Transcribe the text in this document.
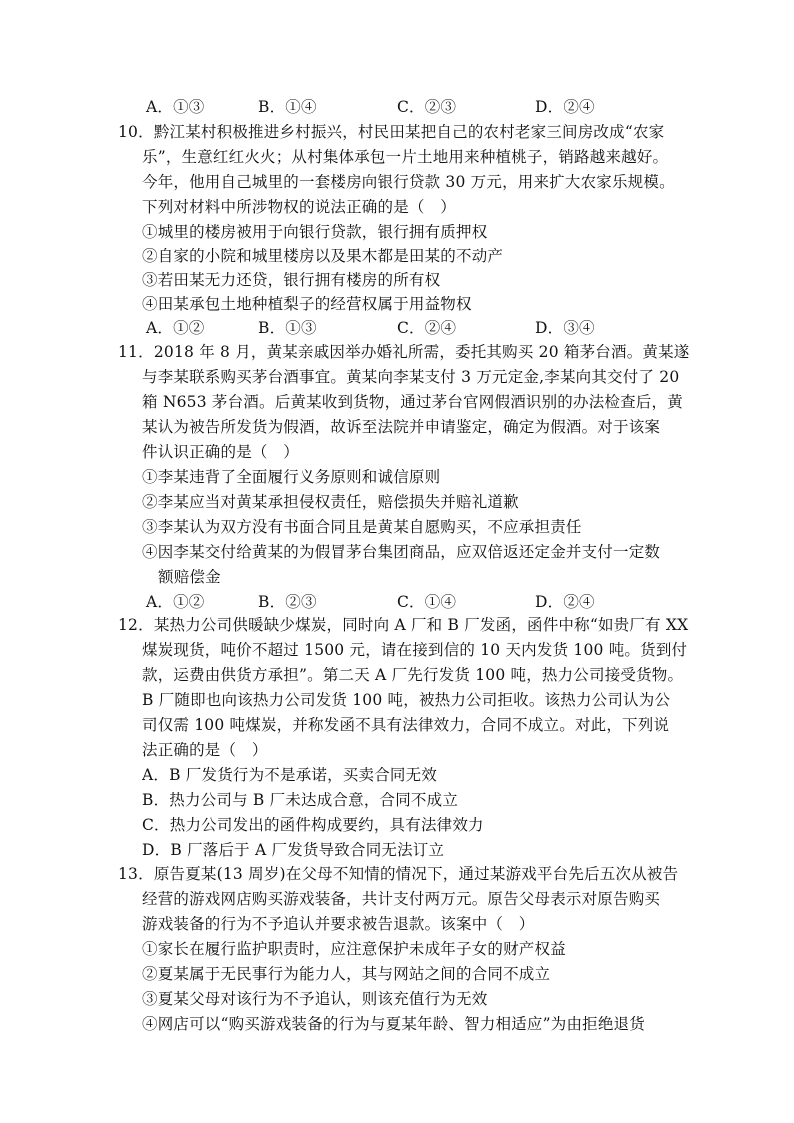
A．①③	B．①④	C．②③	D．②④
10．黔江某村积极推进乡村振兴，村民田某把自己的农村老家三间房改成“农家
乐”，生意红红火火；从村集体承包一片土地用来种植桃子，销路越来越好。
今年，他用自己城里的一套楼房向银行贷款 30 万元，用来扩大农家乐规模。
下列对材料中所涉物权的说法正确的是（　）
①城里的楼房被用于向银行贷款，银行拥有质押权
②自家的小院和城里楼房以及果木都是田某的不动产
③若田某无力还贷，银行拥有楼房的所有权
④田某承包土地种植梨子的经营权属于用益物权
A．①②	B．①③	C．②④	D．③④
11．2018 年 8 月，黄某亲戚因举办婚礼所需，委托其购买 20 箱茅台酒。黄某遂
与李某联系购买茅台酒事宜。黄某向李某支付 3 万元定金,李某向其交付了 20
箱 N653 茅台酒。后黄某收到货物，通过茅台官网假酒识别的办法检查后，黄
某认为被告所发货为假酒，故诉至法院并申请鉴定，确定为假酒。对于该案
件认识正确的是（　）
①李某违背了全面履行义务原则和诚信原则
②李某应当对黄某承担侵权责任，赔偿损失并赔礼道歉
③李某认为双方没有书面合同且是黄某自愿购买，不应承担责任
④因李某交付给黄某的为假冒茅台集团商品，应双倍返还定金并支付一定数
额赔偿金
A．①②	B．②③	C．①④	D．②④
12．某热力公司供暖缺少煤炭，同时向 A 厂和 B 厂发函，函件中称“如贵厂有 XX
煤炭现货，吨价不超过 1500 元，请在接到信的 10 天内发货 100 吨。货到付
款，运费由供货方承担”。第二天 A 厂先行发货 100 吨，热力公司接受货物。
B 厂随即也向该热力公司发货 100 吨，被热力公司拒收。该热力公司认为公
司仅需 100 吨煤炭，并称发函不具有法律效力，合同不成立。对此，下列说
法正确的是（　）
A．B 厂发货行为不是承诺，买卖合同无效
B．热力公司与 B 厂未达成合意，合同不成立
C．热力公司发出的函件构成要约，具有法律效力
D．B 厂落后于 A 厂发货导致合同无法订立
13．原告夏某(13 周岁)在父母不知情的情况下，通过某游戏平台先后五次从被告
经营的游戏网店购买游戏装备，共计支付两万元。原告父母表示对原告购买
游戏装备的行为不予追认并要求被告退款。该案中（　）
①家长在履行监护职责时，应注意保护未成年子女的财产权益
②夏某属于无民事行为能力人，其与网站之间的合同不成立
③夏某父母对该行为不予追认，则该充值行为无效
④网店可以“购买游戏装备的行为与夏某年龄、智力相适应”为由拒绝退货
